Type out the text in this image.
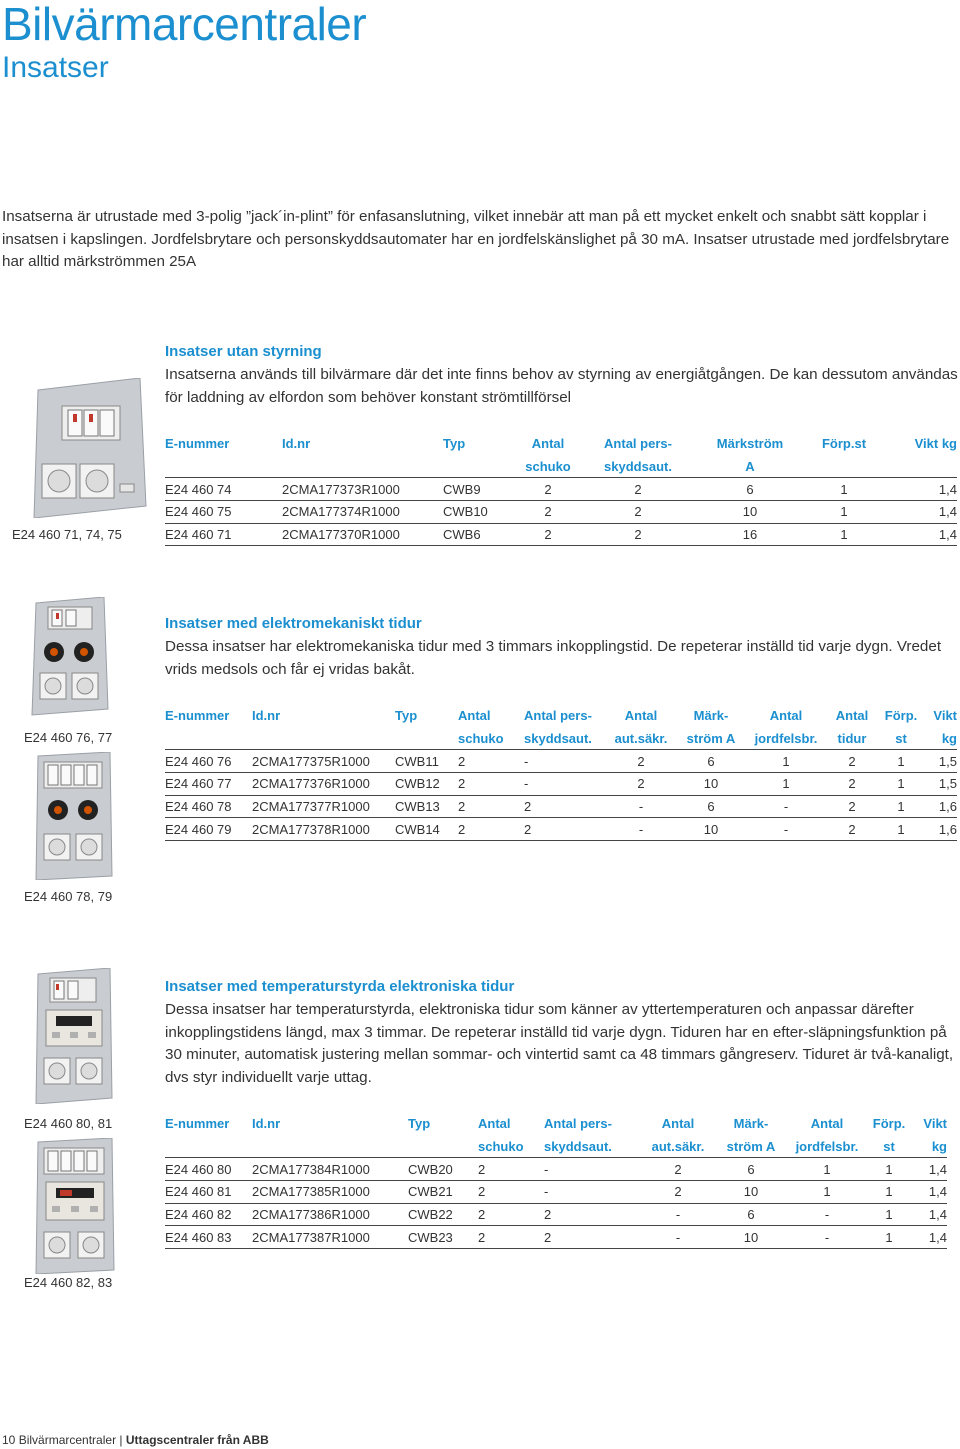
Bilvärmarcentraler
Insatser
Insatserna är utrustade med 3-polig ”jack´in-plint” för enfasanslutning, vilket innebär att man på ett mycket enkelt och snabbt sätt kopplar i insatsen i kapslingen. Jordfelsbrytare och personskyddsautomater har en jordfelskänslighet på 30 mA. Insatser utrustade med jordfelsbrytare har alltid märkströmmen 25A
E24 460 71, 74, 75
Insatser utan styrning
Insatserna används till bilvärmare där det inte finns behov av styrning av energiåtgången. De kan dessutom användas för laddning av elfordon som behöver konstant strömtillförsel
E-nummer	Id.nr	Typ	Antal	Antal pers-	Märkström	Förp.st	Vikt kg
			schuko	skyddsaut.	A		
E24 460 74	2CMA177373R1000	CWB9	2	2	6	1	1,4
E24 460 75	2CMA177374R1000	CWB10	2	2	10	1	1,4
E24 460 71	2CMA177370R1000	CWB6	2	2	16	1	1,4
E24 460 76, 77
E24 460 78, 79
Insatser med elektromekaniskt tidur
Dessa insatser har elektromekaniska tidur med 3 timmars inkopplingstid. De repeterar inställd tid varje dygn. Vredet vrids medsols och får ej vridas bakåt.
E-nummer	Id.nr	Typ	Antal	Antal pers-	Antal	Märk-	Antal	Antal	Förp.	Vikt
			schuko	skyddsaut.	aut.säkr.	ström A	jordfelsbr.	tidur	st	kg
E24 460 76	2CMA177375R1000	CWB11	2	-	2	6	1	2	1	1,5
E24 460 77	2CMA177376R1000	CWB12	2	-	2	10	1	2	1	1,5
E24 460 78	2CMA177377R1000	CWB13	2	2	-	6	-	2	1	1,6
E24 460 79	2CMA177378R1000	CWB14	2	2	-	10	-	2	1	1,6
E24 460 80, 81
E24 460 82, 83
Insatser med temperaturstyrda elektroniska tidur
Dessa insatser har temperaturstyrda, elektroniska tidur som känner av yttertemperaturen och anpassar därefter inkopplingstidens längd, max 3 timmar. De repeterar inställd tid varje dygn. Tiduren har en efter-släpningsfunktion på 30 minuter, automatisk justering mellan sommar- och vintertid samt ca 48 timmars gångreserv. Tiduret är två-kanaligt, dvs styr individuellt varje uttag.
E-nummer	Id.nr	Typ	Antal	Antal pers-	Antal	Märk-	Antal	Förp.	Vikt
			schuko	skyddsaut.	aut.säkr.	ström A	jordfelsbr.	st	kg
E24 460 80	2CMA177384R1000	CWB20	2	-	2	6	1	1	1,4
E24 460 81	2CMA177385R1000	CWB21	2	-	2	10	1	1	1,4
E24 460 82	2CMA177386R1000	CWB22	2	2	-	6	-	1	1,4
E24 460 83	2CMA177387R1000	CWB23	2	2	-	10	-	1	1,4
10 Bilvärmarcentraler | Uttagscentraler från ABB
